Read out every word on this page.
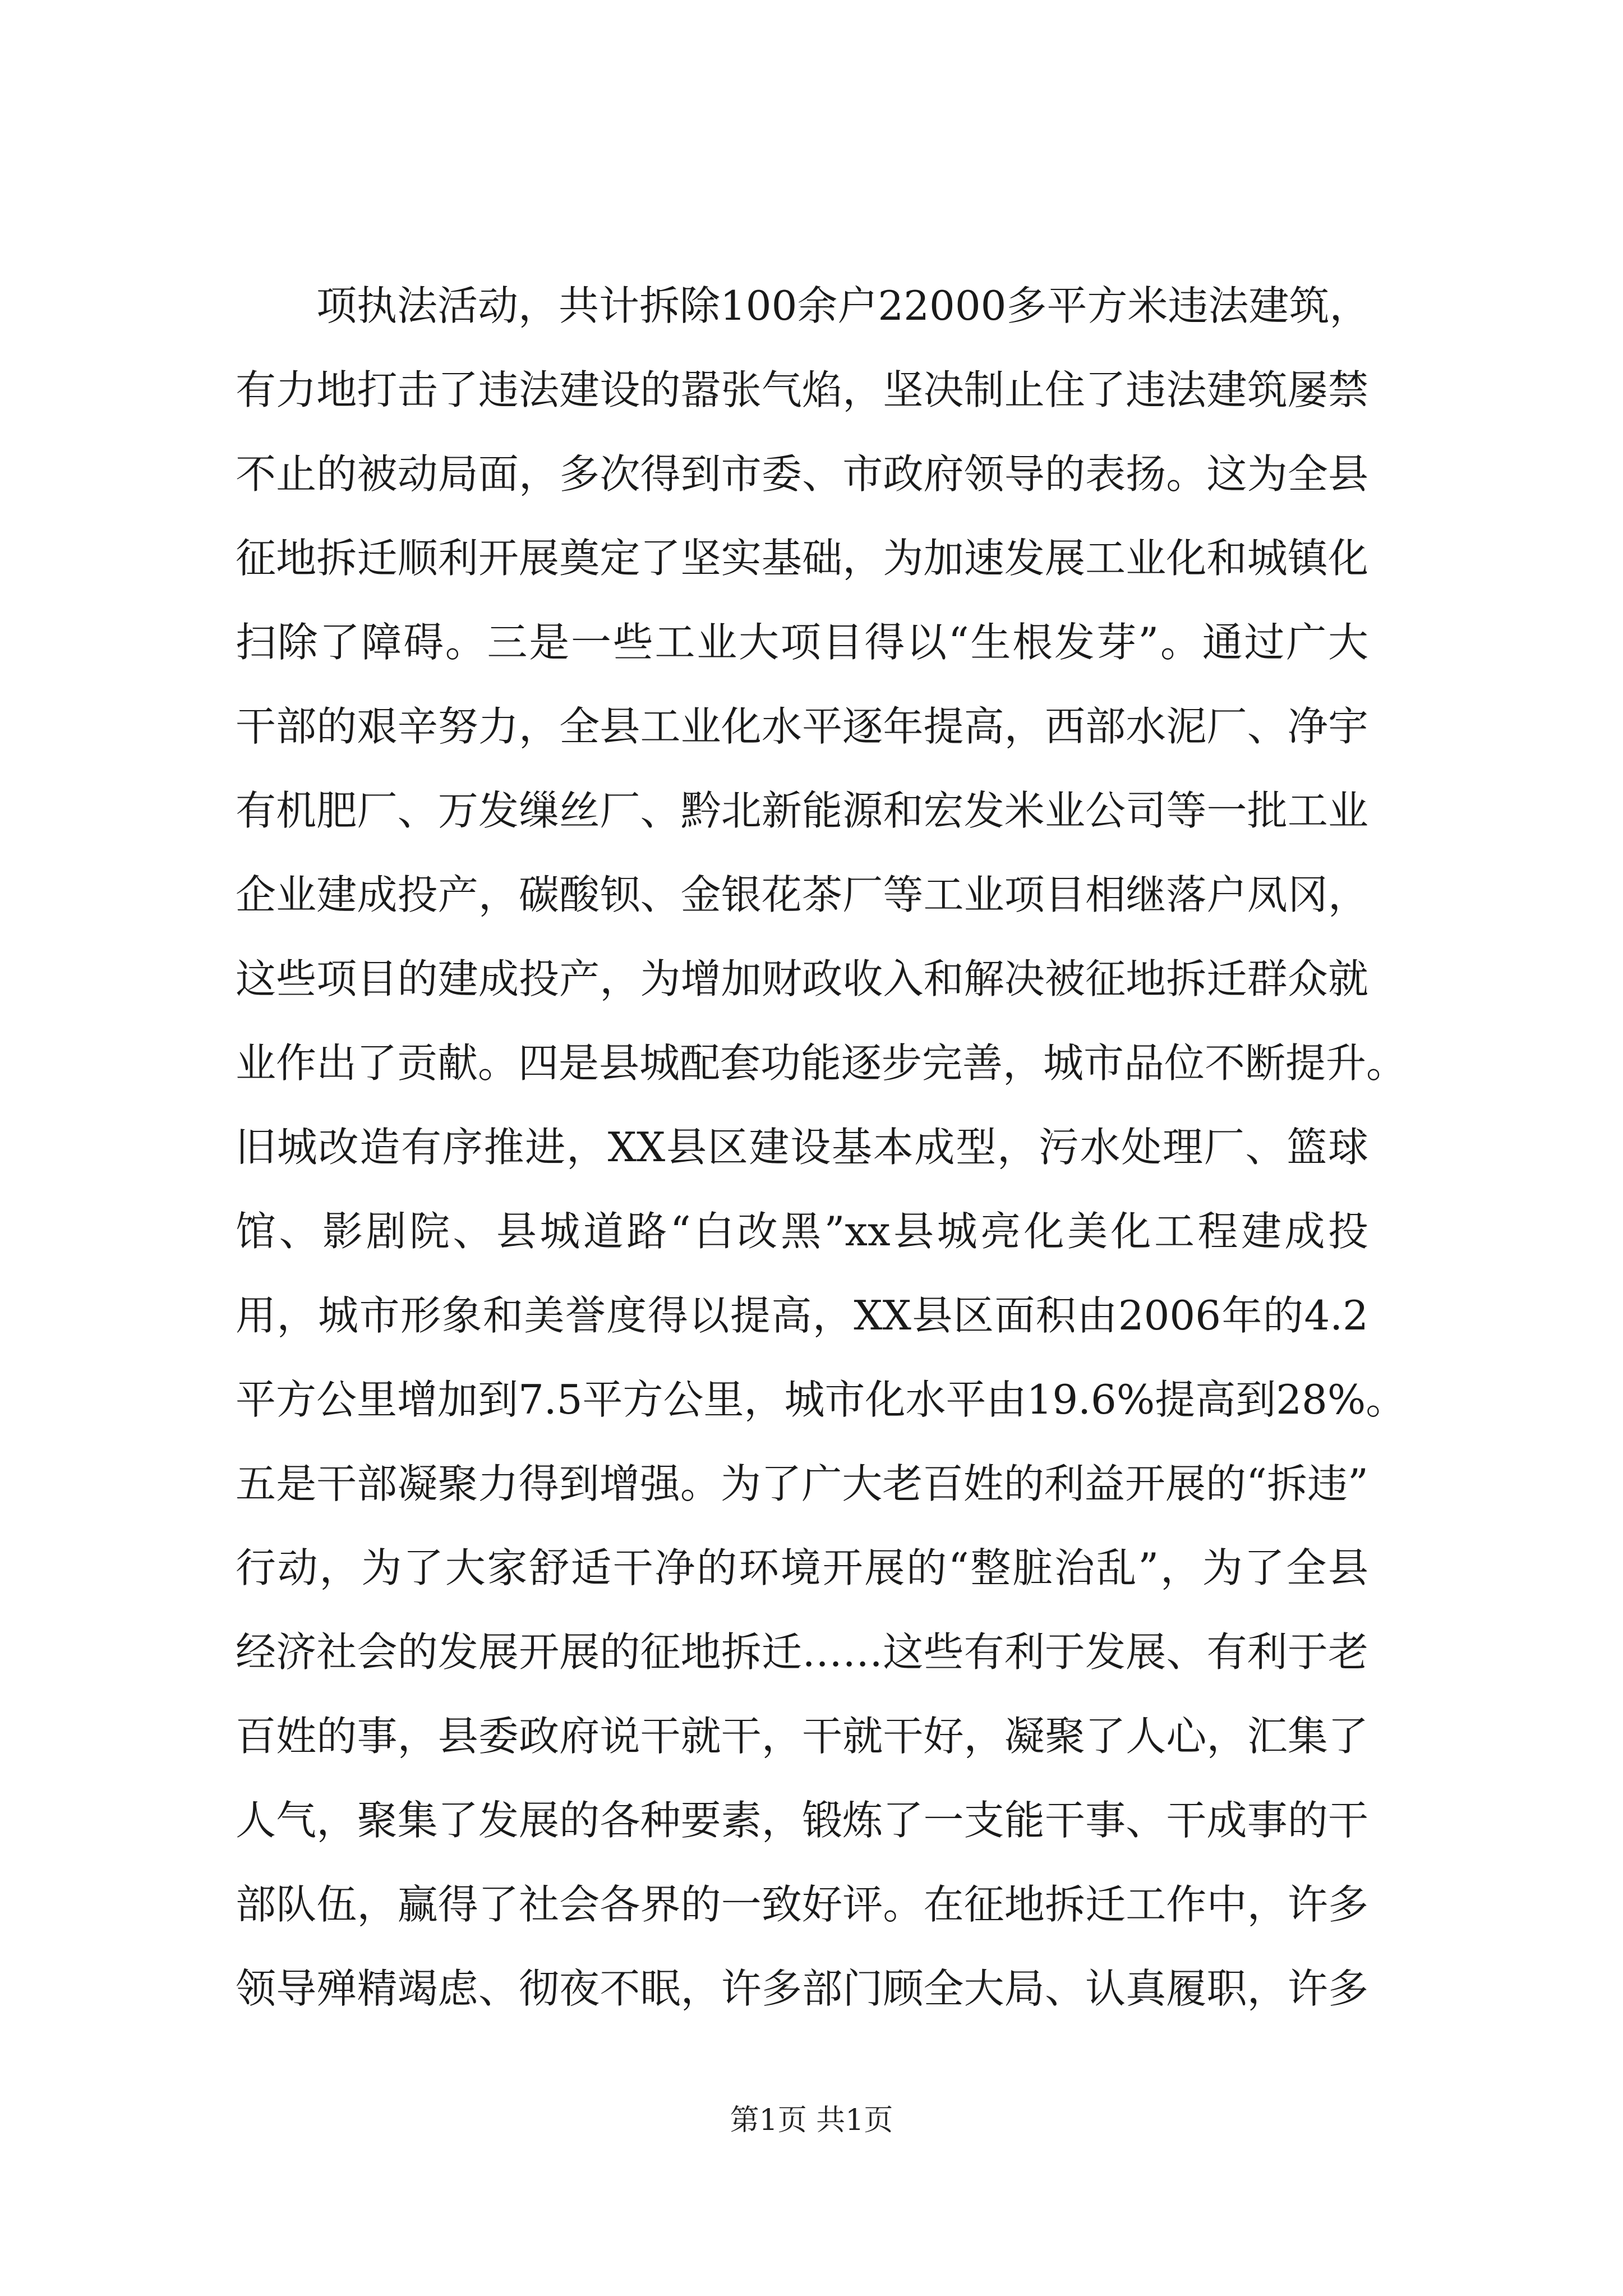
项执法活动，共计拆除100余户22000多平方米违法建筑，
有力地打击了违法建设的嚣张气焰，坚决制止住了违法建筑屡禁
不止的被动局面，多次得到市委、市政府领导的表扬。这为全县
征地拆迁顺利开展奠定了坚实基础，为加速发展工业化和城镇化
扫除了障碍。三是一些工业大项目得以“生根发芽”。通过广大
干部的艰辛努力，全县工业化水平逐年提高，西部水泥厂、净宇
有机肥厂、万发缫丝厂、黔北新能源和宏发米业公司等一批工业
企业建成投产，碳酸钡、金银花茶厂等工业项目相继落户凤冈，
这些项目的建成投产，为增加财政收入和解决被征地拆迁群众就
业作出了贡献。四是县城配套功能逐步完善，城市品位不断提升。
旧城改造有序推进，XX县区建设基本成型，污水处理厂、篮球
馆、影剧院、县城道路“白改黑”xx县城亮化美化工程建成投
用，城市形象和美誉度得以提高，XX县区面积由2006年的4.2
平方公里增加到7.5平方公里，城市化水平由19.6%提高到28%。
五是干部凝聚力得到增强。为了广大老百姓的利益开展的“拆违”
行动，为了大家舒适干净的环境开展的“整脏治乱”，为了全县
经济社会的发展开展的征地拆迁……这些有利于发展、有利于老
百姓的事，县委政府说干就干，干就干好，凝聚了人心，汇集了
人气，聚集了发展的各种要素，锻炼了一支能干事、干成事的干
部队伍，赢得了社会各界的一致好评。在征地拆迁工作中，许多
领导殚精竭虑、彻夜不眠，许多部门顾全大局、认真履职，许多
第1页 共1页
